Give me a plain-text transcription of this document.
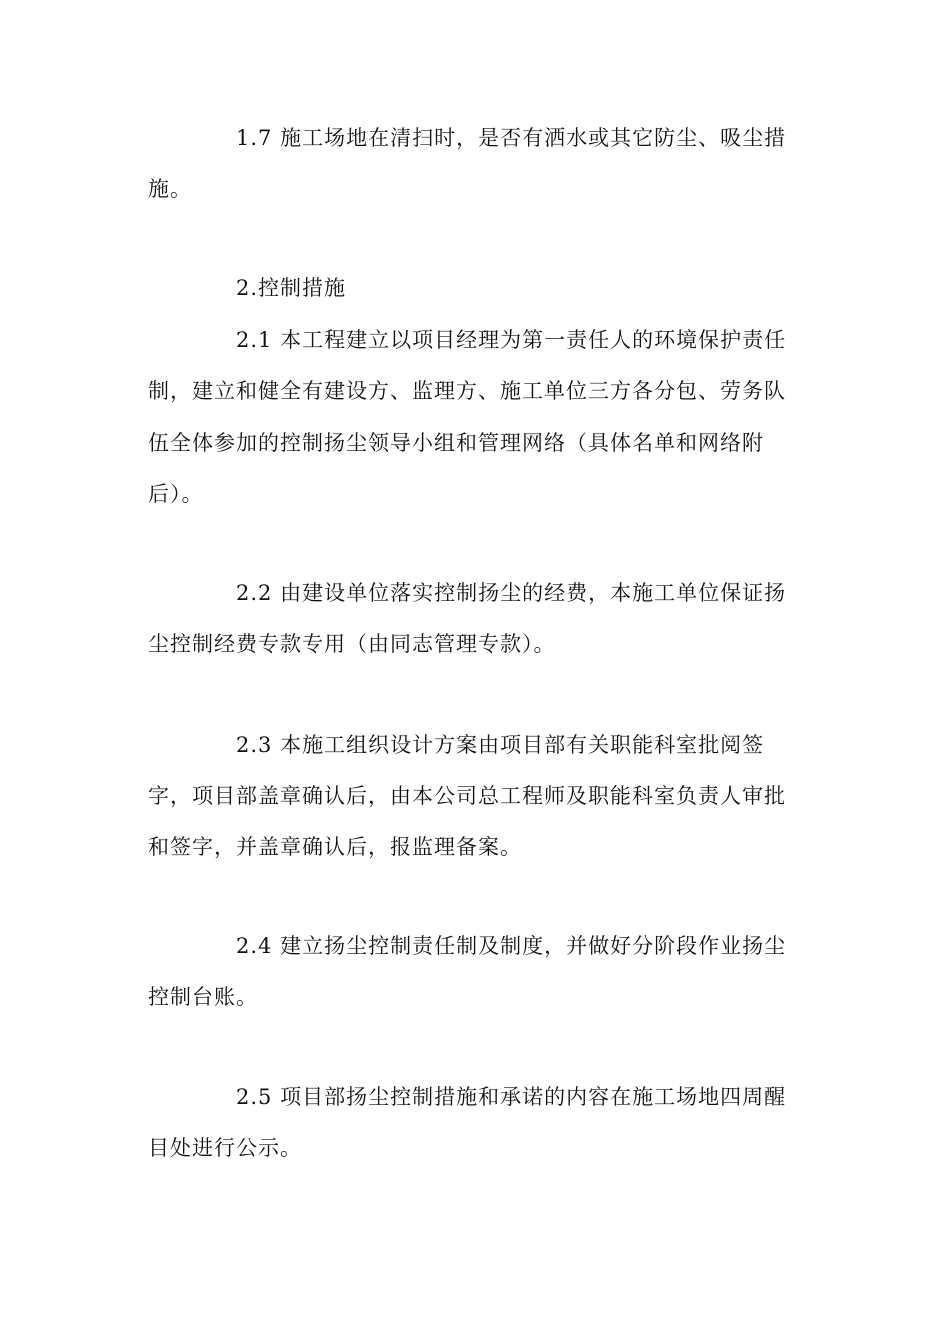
1.7 施工场地在清扫时，是否有洒水或其它防尘、吸尘措
施。
2.控制措施
2.1 本工程建立以项目经理为第一责任人的环境保护责任
制，建立和健全有建设方、监理方、施工单位三方各分包、劳务队
伍全体参加的控制扬尘领导小组和管理网络（具体名单和网络附
后）。
2.2 由建设单位落实控制扬尘的经费，本施工单位保证扬
尘控制经费专款专用（由同志管理专款）。
2.3 本施工组织设计方案由项目部有关职能科室批阅签
字，项目部盖章确认后，由本公司总工程师及职能科室负责人审批
和签字，并盖章确认后，报监理备案。
2.4 建立扬尘控制责任制及制度，并做好分阶段作业扬尘
控制台账。
2.5 项目部扬尘控制措施和承诺的内容在施工场地四周醒
目处进行公示。
